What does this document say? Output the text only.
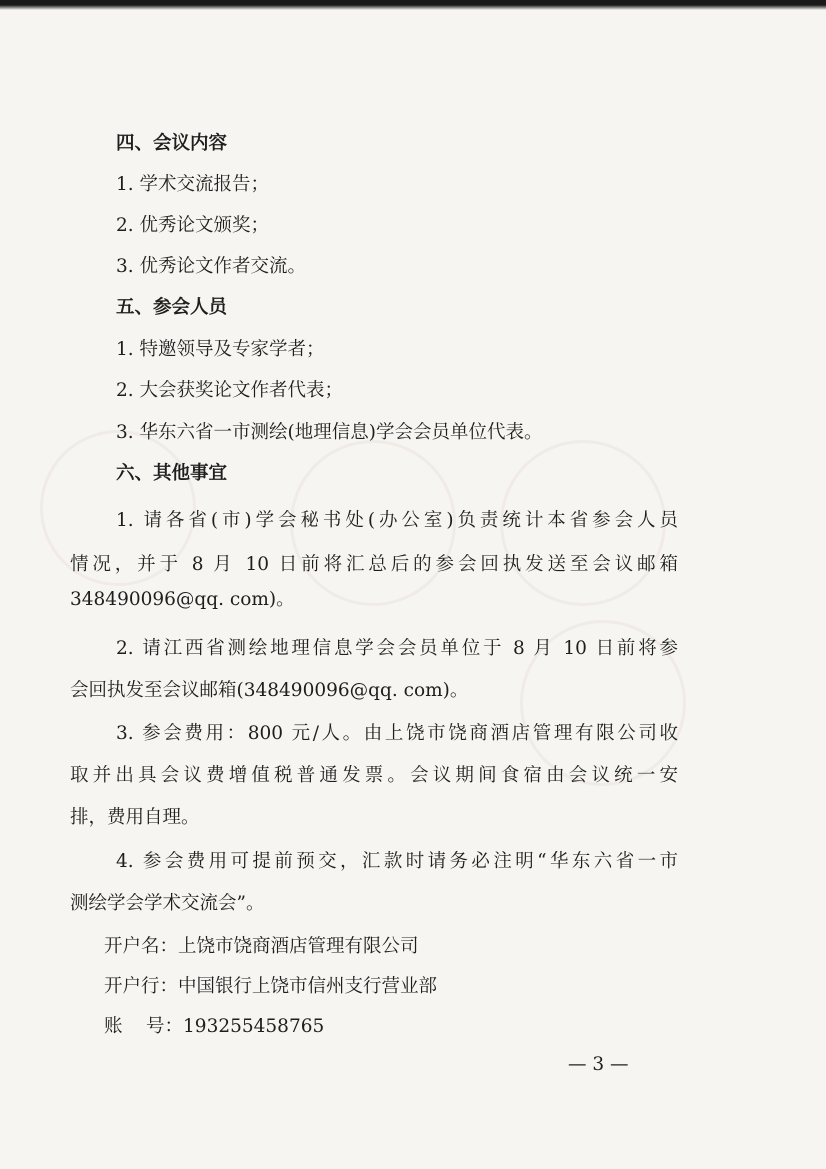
四、会议内容
1. 学术交流报告；
2. 优秀论文颁奖；
3. 优秀论文作者交流。
五、参会人员
1. 特邀领导及专家学者；
2. 大会获奖论文作者代表；
3. 华东六省一市测绘(地理信息)学会会员单位代表。
六、其他事宜
1. 请各省(市)学会秘书处(办公室)负责统计本省参会人员
情况，并于 8 月 10 日前将汇总后的参会回执发送至会议邮箱
348490096@qq. com)。
2. 请江西省测绘地理信息学会会员单位于 8 月 10 日前将参
会回执发至会议邮箱(348490096@qq. com)。
3. 参会费用：800 元/人。由上饶市饶商酒店管理有限公司收
取并出具会议费增值税普通发票。会议期间食宿由会议统一安
排，费用自理。
4. 参会费用可提前预交，汇款时请务必注明“华东六省一市
测绘学会学术交流会”。
开户名：上饶市饶商酒店管理有限公司
开户行：中国银行上饶市信州支行营业部
账    号：193255458765
— 3 —
